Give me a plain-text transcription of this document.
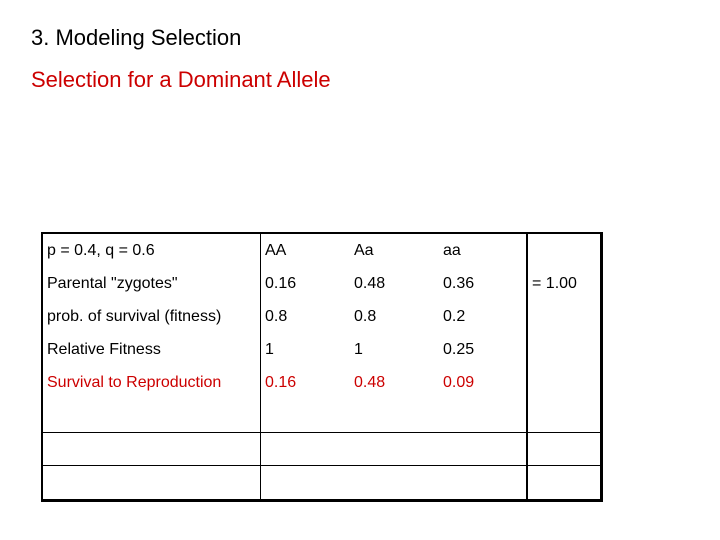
3. Modeling Selection
Selection for a Dominant Allele
p = 0.4, q = 0.6	AA	Aa	aa	
Parental "zygotes"	0.16	0.48	0.36	= 1.00
prob. of survival (fitness)	0.8	0.8	0.2	
Relative Fitness	1	1	0.25	
Survival to Reproduction	0.16	0.48	0.09	
